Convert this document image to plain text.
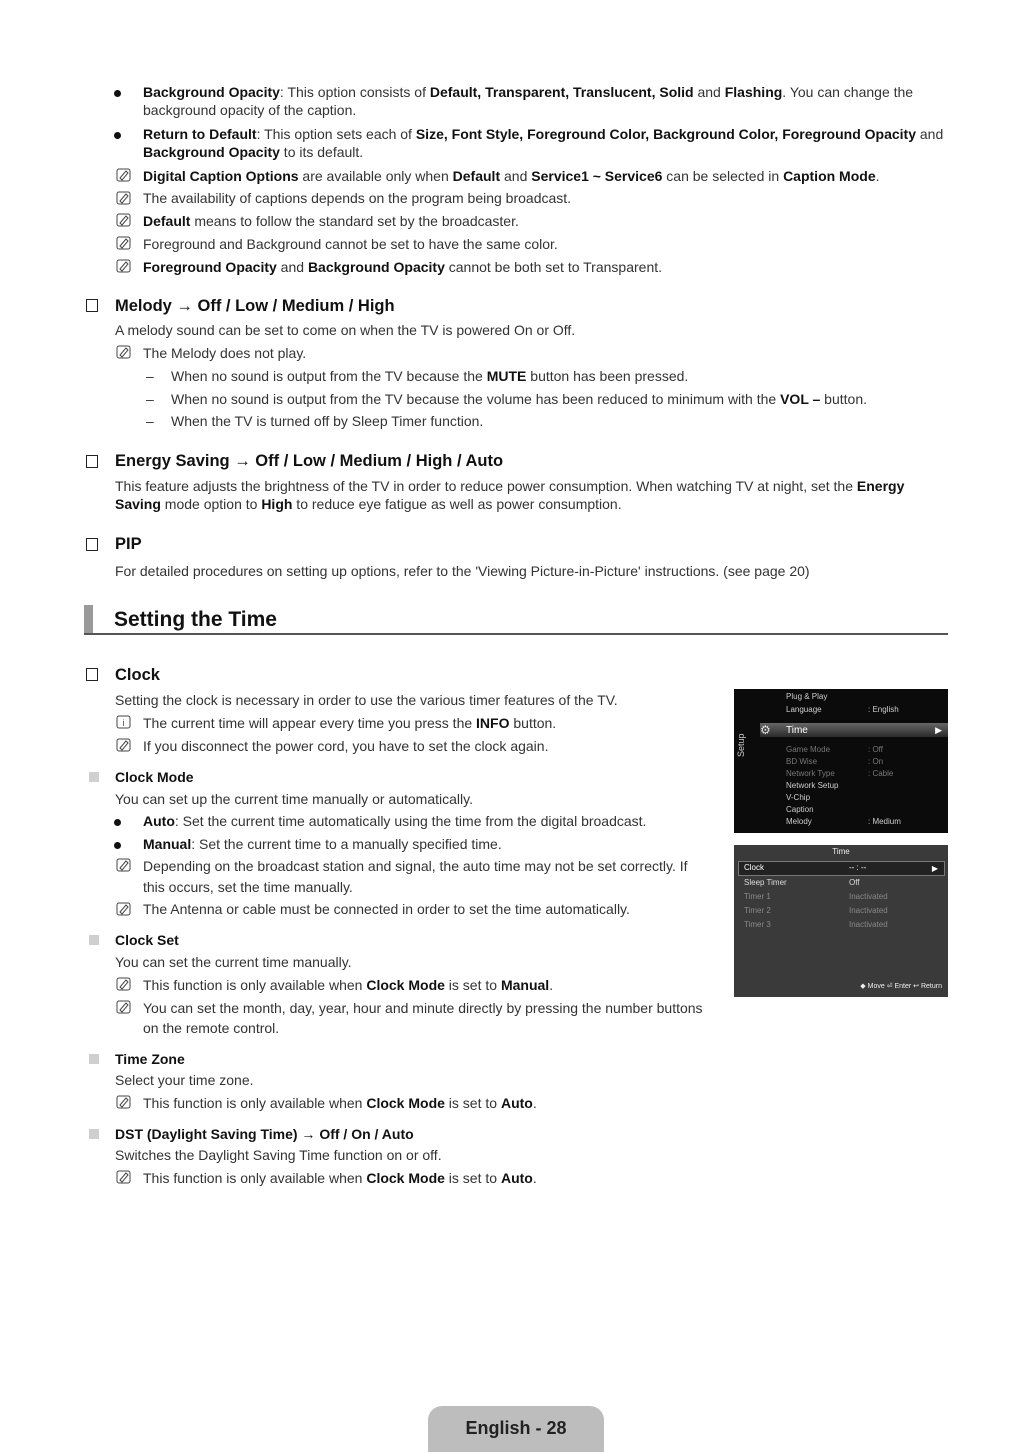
Background Opacity: This option consists of Default, Transparent, Translucent, Solid and Flashing. You can change the background opacity of the caption.
Return to Default: This option sets each of Size, Font Style, Foreground Color, Background Color, Foreground Opacity and Background Opacity to its default.
Digital Caption Options are available only when Default and Service1 ~ Service6 can be selected in Caption Mode.
The availability of captions depends on the program being broadcast.
Default means to follow the standard set by the broadcaster.
Foreground and Background cannot be set to have the same color.
Foreground Opacity and Background Opacity cannot be both set to Transparent.
Melody → Off / Low / Medium / High
A melody sound can be set to come on when the TV is powered On or Off.
The Melody does not play.
– When no sound is output from the TV because the MUTE button has been pressed.
– When no sound is output from the TV because the volume has been reduced to minimum with the VOL – button.
– When the TV is turned off by Sleep Timer function.
Energy Saving → Off / Low / Medium / High / Auto
This feature adjusts the brightness of the TV in order to reduce power consumption. When watching TV at night, set the Energy Saving mode option to High to reduce eye fatigue as well as power consumption.
PIP
For detailed procedures on setting up options, refer to the 'Viewing Picture-in-Picture' instructions. (see page 20)
Setting the Time
Clock
Setting the clock is necessary in order to use the various timer features of the TV.
i The current time will appear every time you press the INFO button.
If you disconnect the power cord, you have to set the clock again.
Clock Mode
You can set up the current time manually or automatically.
Auto: Set the current time automatically using the time from the digital broadcast.
Manual: Set the current time to a manually specified time.
Depending on the broadcast station and signal, the auto time may not be set correctly. If
this occurs, set the time manually.
The Antenna or cable must be connected in order to set the time automatically.
Clock Set
You can set the current time manually.
This function is only available when Clock Mode is set to Manual.
You can set the month, day, year, hour and minute directly by pressing the number buttons
on the remote control.
Time Zone
Select your time zone.
This function is only available when Clock Mode is set to Auto.
DST (Daylight Saving Time) → Off / On / Auto
Switches the Daylight Saving Time function on or off.
This function is only available when Clock Mode is set to Auto.
Setup
⚙
Plug & Play
Language	: English
Time	▶
Game Mode	: Off
BD Wise	: On
Network Type	: Cable
Network Setup
V-Chip
Caption
Melody	: Medium
Time
Clock	-- : --	▶
Sleep Timer	Off
Timer 1	Inactivated
Timer 2	Inactivated
Timer 3	Inactivated
◆ Move ⏎ Enter ↩ Return
English - 28
